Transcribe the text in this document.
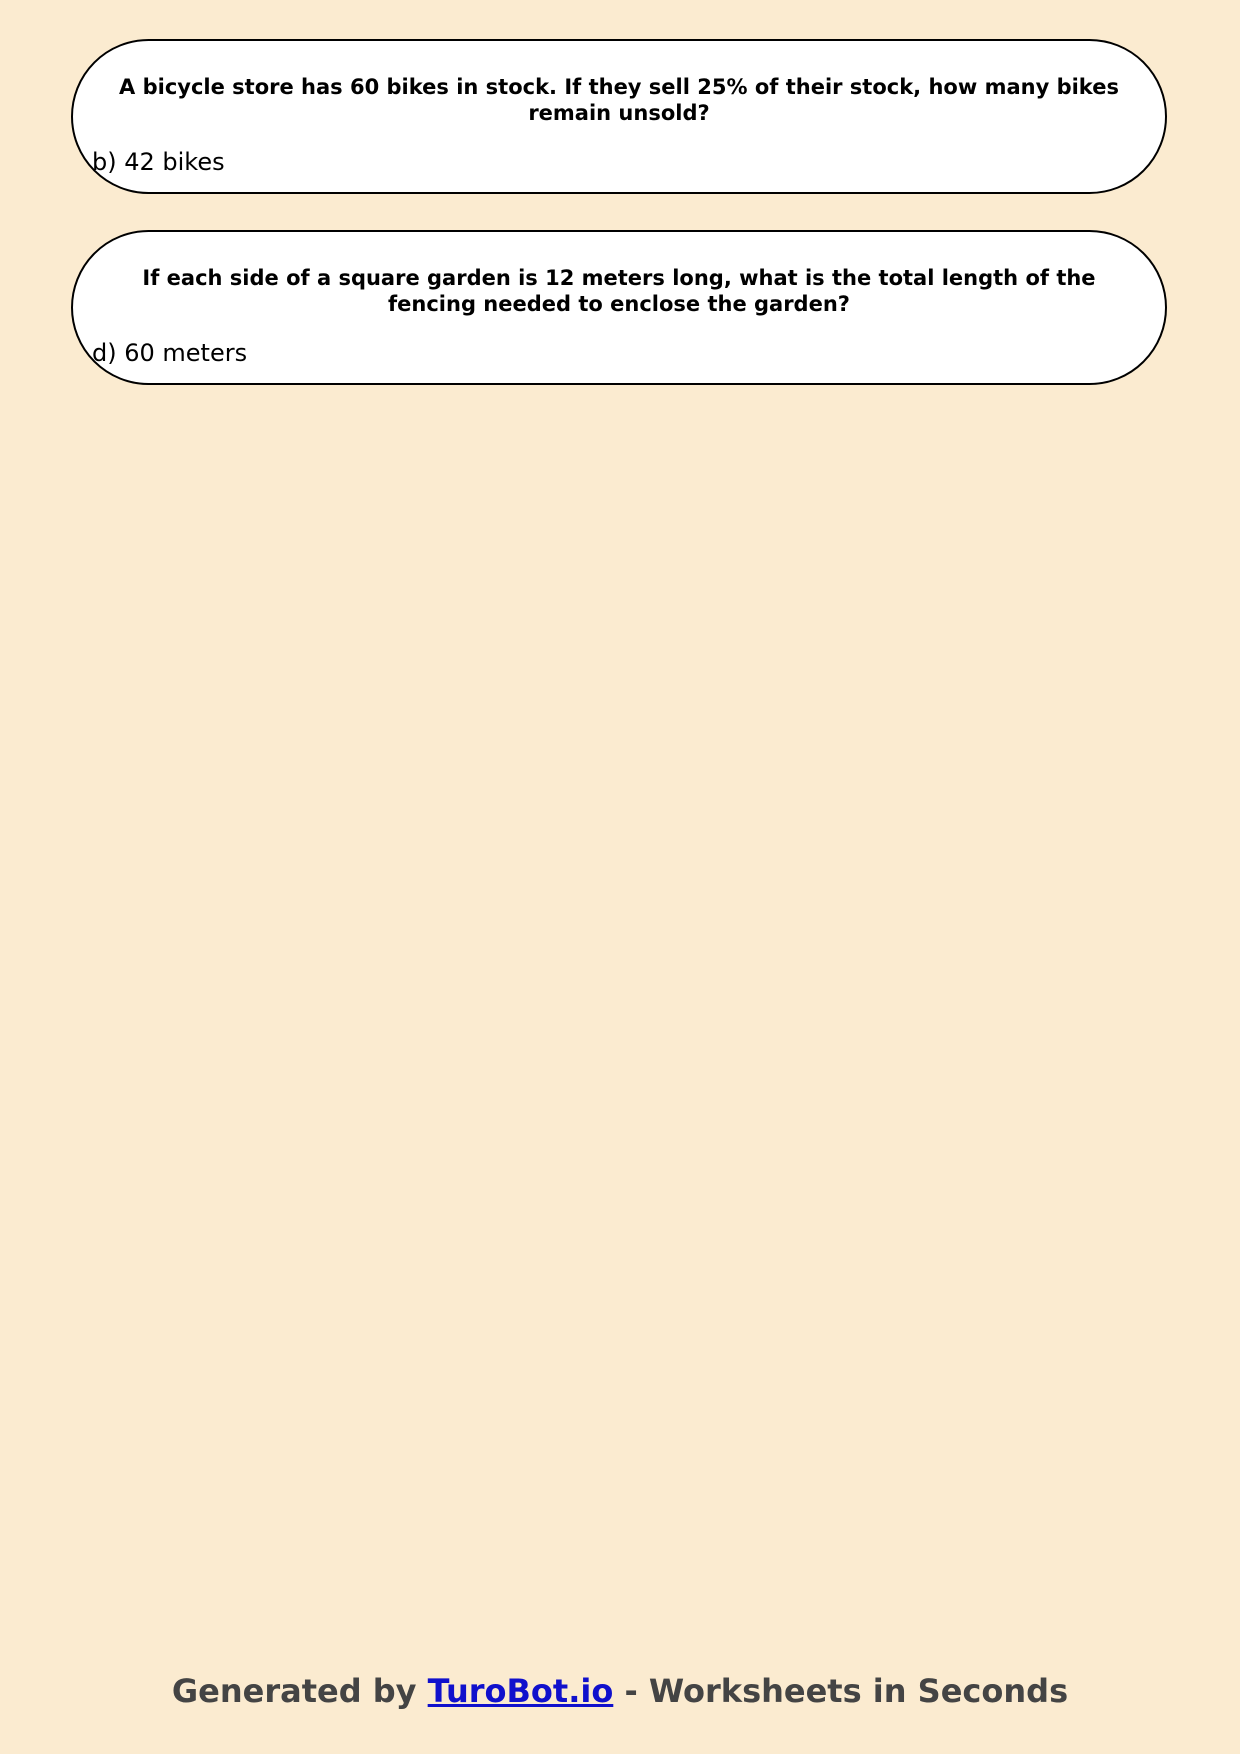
A bicycle store has 60 bikes in stock. If they sell 25% of their stock, how many bikes remain unsold?

b) 42 bikes

If each side of a square garden is 12 meters long, what is the total length of the fencing needed to enclose the garden?

d) 60 meters

Generated by TuroBot.io - Worksheets in Seconds
